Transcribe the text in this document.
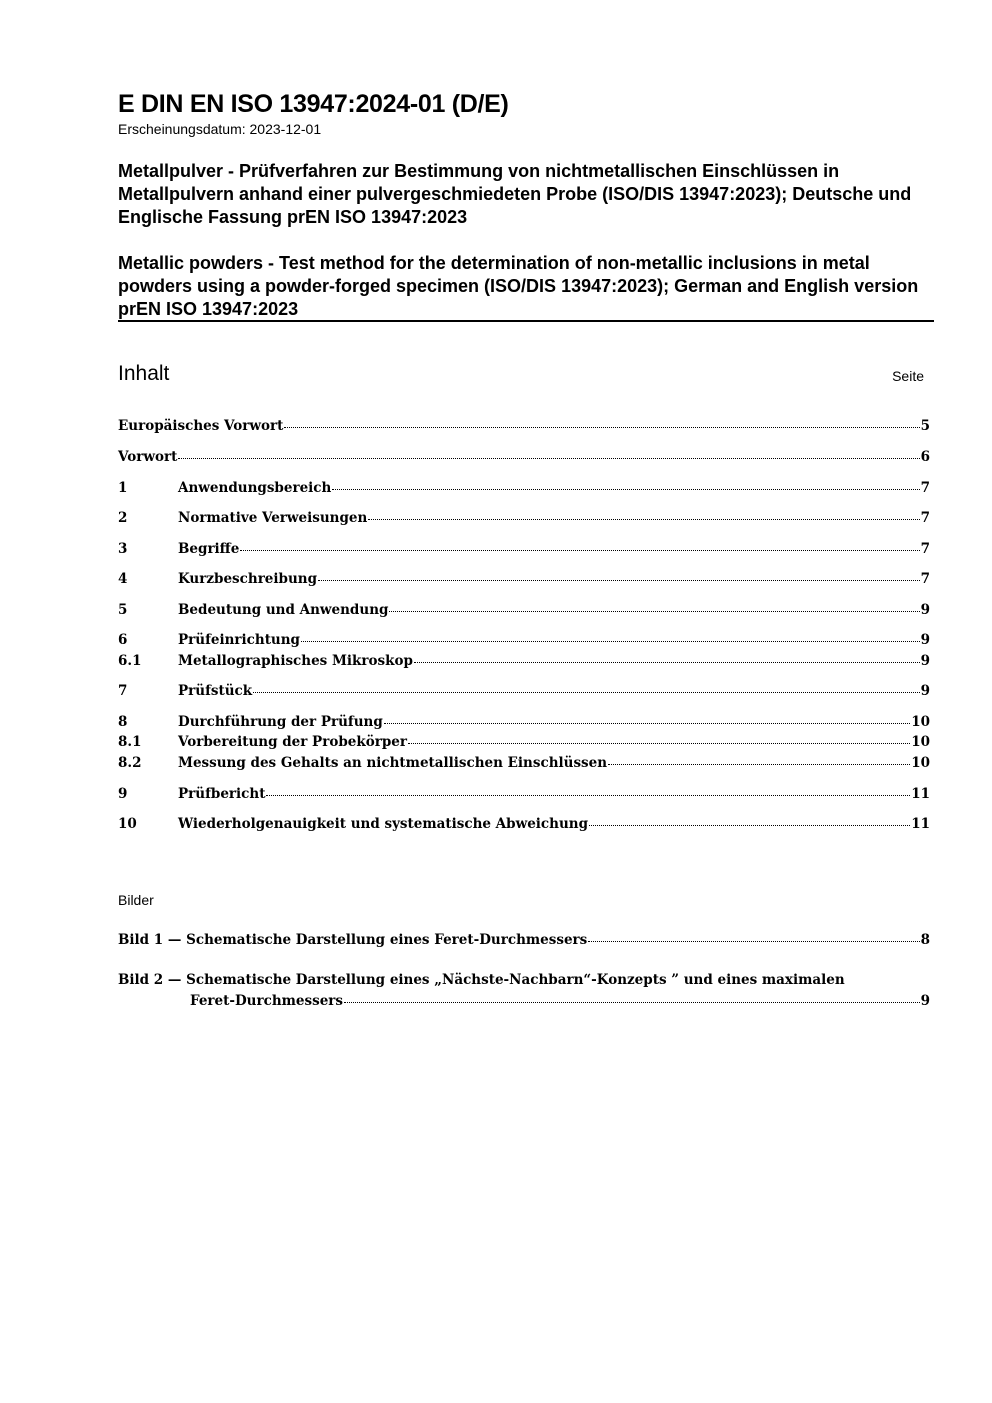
E DIN EN ISO 13947:2024-01 (D/E)
Erscheinungsdatum: 2023-12-01
Metallpulver - Prüfverfahren zur Bestimmung von nichtmetallischen Einschlüssen in Metallpulvern anhand einer pulvergeschmiedeten Probe (ISO/DIS 13947:2023); Deutsche und Englische Fassung prEN ISO 13947:2023
Metallic powders - Test method for the determination of non-metallic inclusions in metal powders using a powder-forged specimen (ISO/DIS 13947:2023); German and English version prEN ISO 13947:2023
Inhalt	Seite
Europäisches Vorwort	5
Vorwort	6
1	Anwendungsbereich	7
2	Normative Verweisungen	7
3	Begriffe	7
4	Kurzbeschreibung	7
5	Bedeutung und Anwendung	9
6	Prüfeinrichtung	9
6.1	Metallographisches Mikroskop	9
7	Prüfstück	9
8	Durchführung der Prüfung	10
8.1	Vorbereitung der Probekörper	10
8.2	Messung des Gehalts an nichtmetallischen Einschlüssen	10
9	Prüfbericht	11
10	Wiederholgenauigkeit und systematische Abweichung	11
Bilder
Bild 1 — Schematische Darstellung eines Feret-Durchmessers	8
Bild 2 — Schematische Darstellung eines „Nächste-Nachbarn“-Konzepts ” und eines maximalen
Feret-Durchmessers	9
